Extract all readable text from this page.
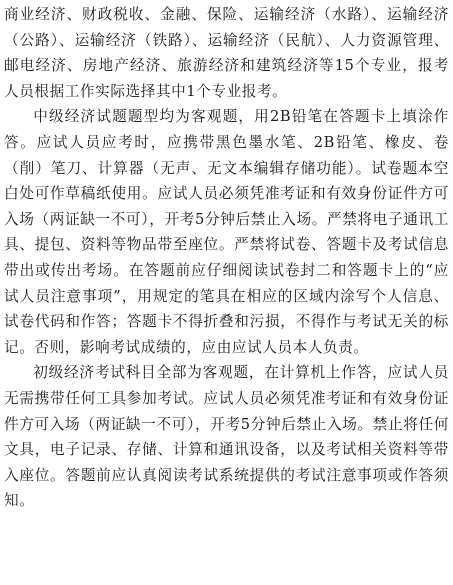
商业经济、财政税收、金融、保险、运输经济（水路）、运输经济（公路）、运输经济（铁路）、运输经济（民航）、人力资源管理、邮电经济、房地产经济、旅游经济和建筑经济等15个专业，报考人员根据工作实际选择其中1个专业报考。

中级经济试题题型均为客观题，用2B铅笔在答题卡上填涂作答。应试人员应考时，应携带黑色墨水笔、2B铅笔、橡皮、卷（削）笔刀、计算器（无声、无文本编辑存储功能）。试卷题本空白处可作草稿纸使用。应试人员必须凭准考证和有效身份证件方可入场（两证缺一不可），开考5分钟后禁止入场。严禁将电子通讯工具、提包、资料等物品带至座位。严禁将试卷、答题卡及考试信息带出或传出考场。在答题前应仔细阅读试卷封二和答题卡上的“应试人员注意事项”，用规定的笔具在相应的区域内涂写个人信息、试卷代码和作答；答题卡不得折叠和污损，不得作与考试无关的标记。否则，影响考试成绩的，应由应试人员本人负责。

初级经济考试科目全部为客观题，在计算机上作答，应试人员无需携带任何工具参加考试。应试人员必须凭准考证和有效身份证件方可入场（两证缺一不可），开考5分钟后禁止入场。禁止将任何文具，电子记录、存储、计算和通讯设备，以及考试相关资料等带入座位。答题前应认真阅读考试系统提供的考试注意事项或作答须知。
